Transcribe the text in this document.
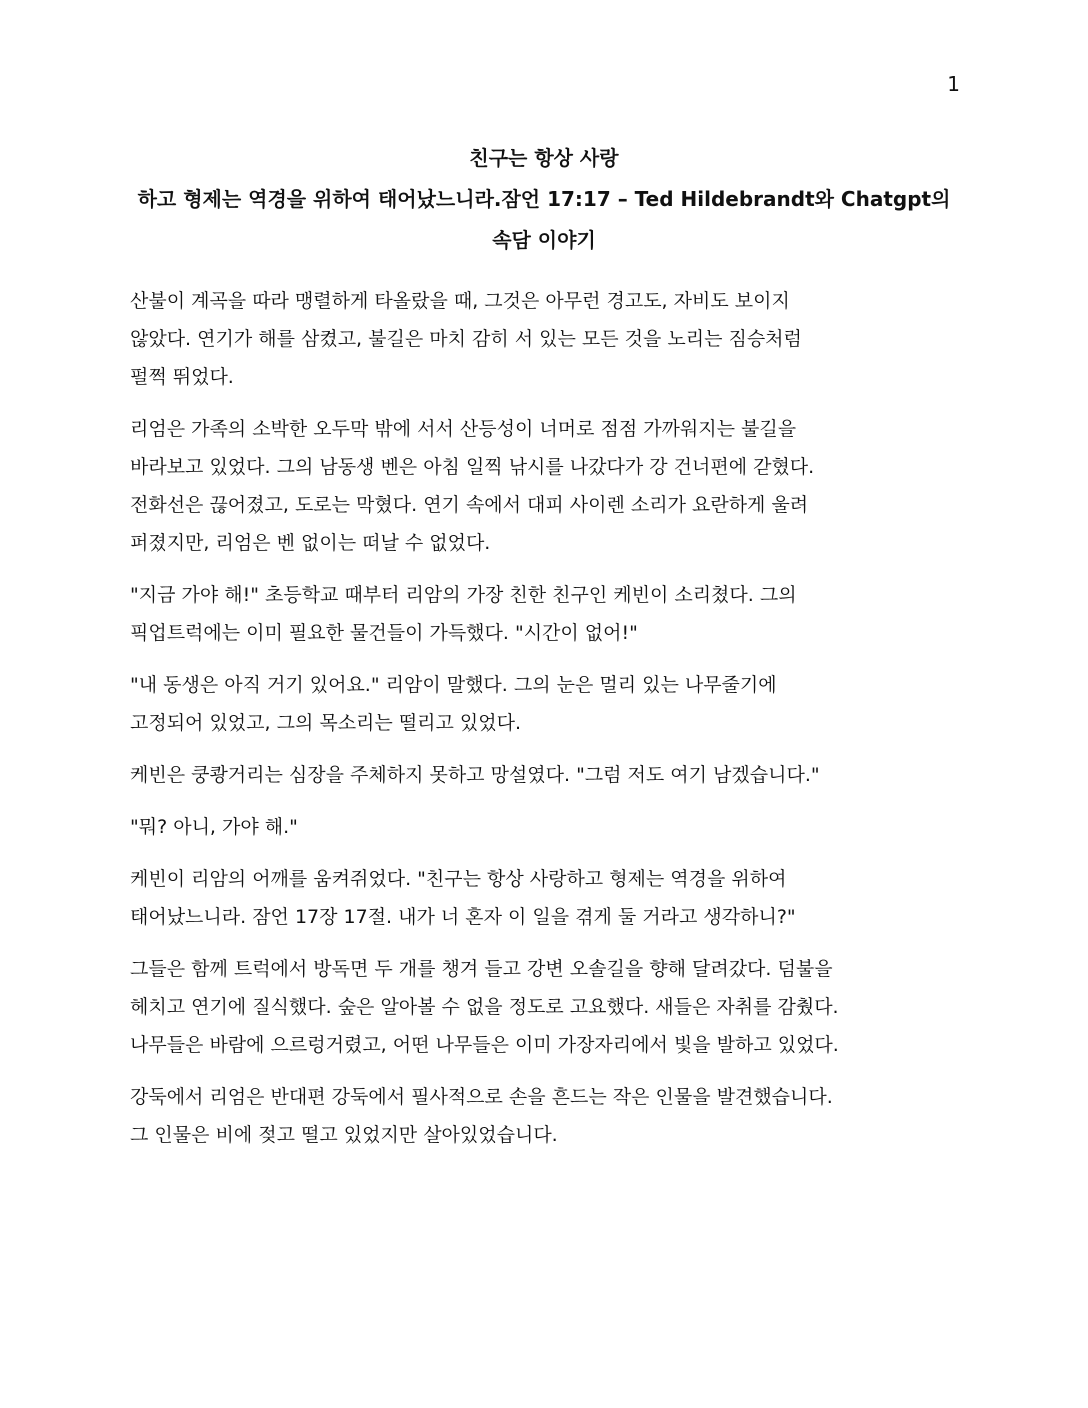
1
친구는 항상 사랑
하고 형제는 역경을 위하여 태어났느니라.잠언 17:17 – Ted Hildebrandt와 Chatgpt의
속담 이야기

산불이 계곡을 따라 맹렬하게 타올랐을 때, 그것은 아무런 경고도, 자비도 보이지
않았다. 연기가 해를 삼켰고, 불길은 마치 감히 서 있는 모든 것을 노리는 짐승처럼
펄쩍 뛰었다.

리엄은 가족의 소박한 오두막 밖에 서서 산등성이 너머로 점점 가까워지는 불길을
바라보고 있었다. 그의 남동생 벤은 아침 일찍 낚시를 나갔다가 강 건너편에 갇혔다.
전화선은 끊어졌고, 도로는 막혔다. 연기 속에서 대피 사이렌 소리가 요란하게 울려
퍼졌지만, 리엄은 벤 없이는 떠날 수 없었다.

"지금 가야 해!" 초등학교 때부터 리암의 가장 친한 친구인 케빈이 소리쳤다. 그의
픽업트럭에는 이미 필요한 물건들이 가득했다. "시간이 없어!"

"내 동생은 아직 거기 있어요." 리암이 말했다. 그의 눈은 멀리 있는 나무줄기에
고정되어 있었고, 그의 목소리는 떨리고 있었다.

케빈은 쿵쾅거리는 심장을 주체하지 못하고 망설였다. "그럼 저도 여기 남겠습니다."

"뭐? 아니, 가야 해."

케빈이 리암의 어깨를 움켜쥐었다. "친구는 항상 사랑하고 형제는 역경을 위하여
태어났느니라. 잠언 17장 17절. 내가 너 혼자 이 일을 겪게 둘 거라고 생각하니?"

그들은 함께 트럭에서 방독면 두 개를 챙겨 들고 강변 오솔길을 향해 달려갔다. 덤불을
헤치고 연기에 질식했다. 숲은 알아볼 수 없을 정도로 고요했다. 새들은 자취를 감췄다.
나무들은 바람에 으르렁거렸고, 어떤 나무들은 이미 가장자리에서 빛을 발하고 있었다.

강둑에서 리엄은 반대편 강둑에서 필사적으로 손을 흔드는 작은 인물을 발견했습니다.
그 인물은 비에 젖고 떨고 있었지만 살아있었습니다.
